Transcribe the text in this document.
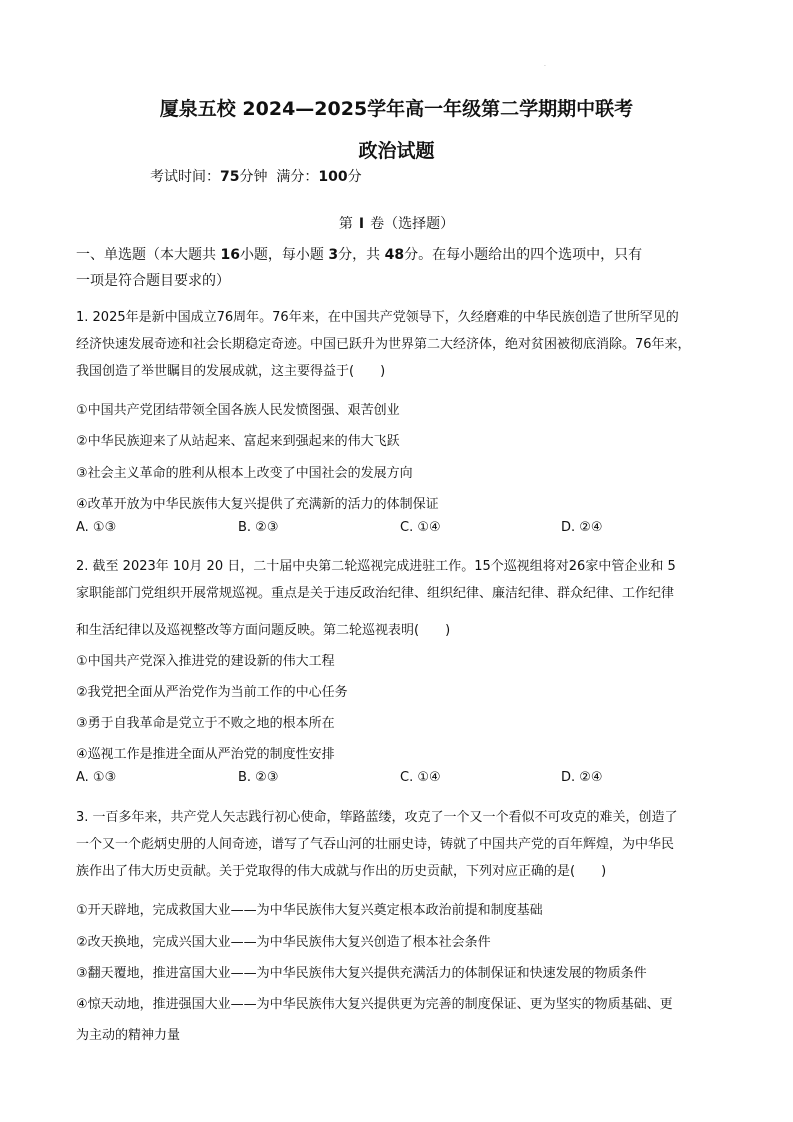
·
厦泉五校 2024—2025学年高一年级第二学期期中联考
政治试题
考试时间：75分钟 满分：100分
第 I 卷（选择题）
一、单选题（本大题共 16小题，每小题 3分，共 48分。在每小题给出的四个选项中，只有
一项是符合题目要求的）
1. 2025年是新中国成立76周年。76年来，在中国共产党领导下，久经磨难的中华民族创造了世所罕见的
经济快速发展奇迹和社会长期稳定奇迹。中国已跃升为世界第二大经济体，绝对贫困被彻底消除。76年来，
我国创造了举世瞩目的发展成就，这主要得益于(　　)
①中国共产党团结带领全国各族人民发愤图强、艰苦创业
②中华民族迎来了从站起来、富起来到强起来的伟大飞跃
③社会主义革命的胜利从根本上改变了中国社会的发展方向
④改革开放为中华民族伟大复兴提供了充满新的活力的体制保证
A. ①③	B. ②③	C. ①④	D. ②④
2. 截至 2023年 10月 20 日，二十届中央第二轮巡视完成进驻工作。15个巡视组将对26家中管企业和 5
家职能部门党组织开展常规巡视。重点是关于违反政治纪律、组织纪律、廉洁纪律、群众纪律、工作纪律
和生活纪律以及巡视整改等方面问题反映。第二轮巡视表明(　　)
①中国共产党深入推进党的建设新的伟大工程
②我党把全面从严治党作为当前工作的中心任务
③勇于自我革命是党立于不败之地的根本所在
④巡视工作是推进全面从严治党的制度性安排
A. ①③	B. ②③	C. ①④	D. ②④
3. 一百多年来，共产党人矢志践行初心使命，筚路蓝缕，攻克了一个又一个看似不可攻克的难关，创造了
一个又一个彪炳史册的人间奇迹，谱写了气吞山河的壮丽史诗，铸就了中国共产党的百年辉煌，为中华民
族作出了伟大历史贡献。关于党取得的伟大成就与作出的历史贡献，下列对应正确的是(　　)
①开天辟地，完成救国大业——为中华民族伟大复兴奠定根本政治前提和制度基础
②改天换地，完成兴国大业——为中华民族伟大复兴创造了根本社会条件
③翻天覆地，推进富国大业——为中华民族伟大复兴提供充满活力的体制保证和快速发展的物质条件
④惊天动地，推进强国大业——为中华民族伟大复兴提供更为完善的制度保证、更为坚实的物质基础、更
为主动的精神力量
